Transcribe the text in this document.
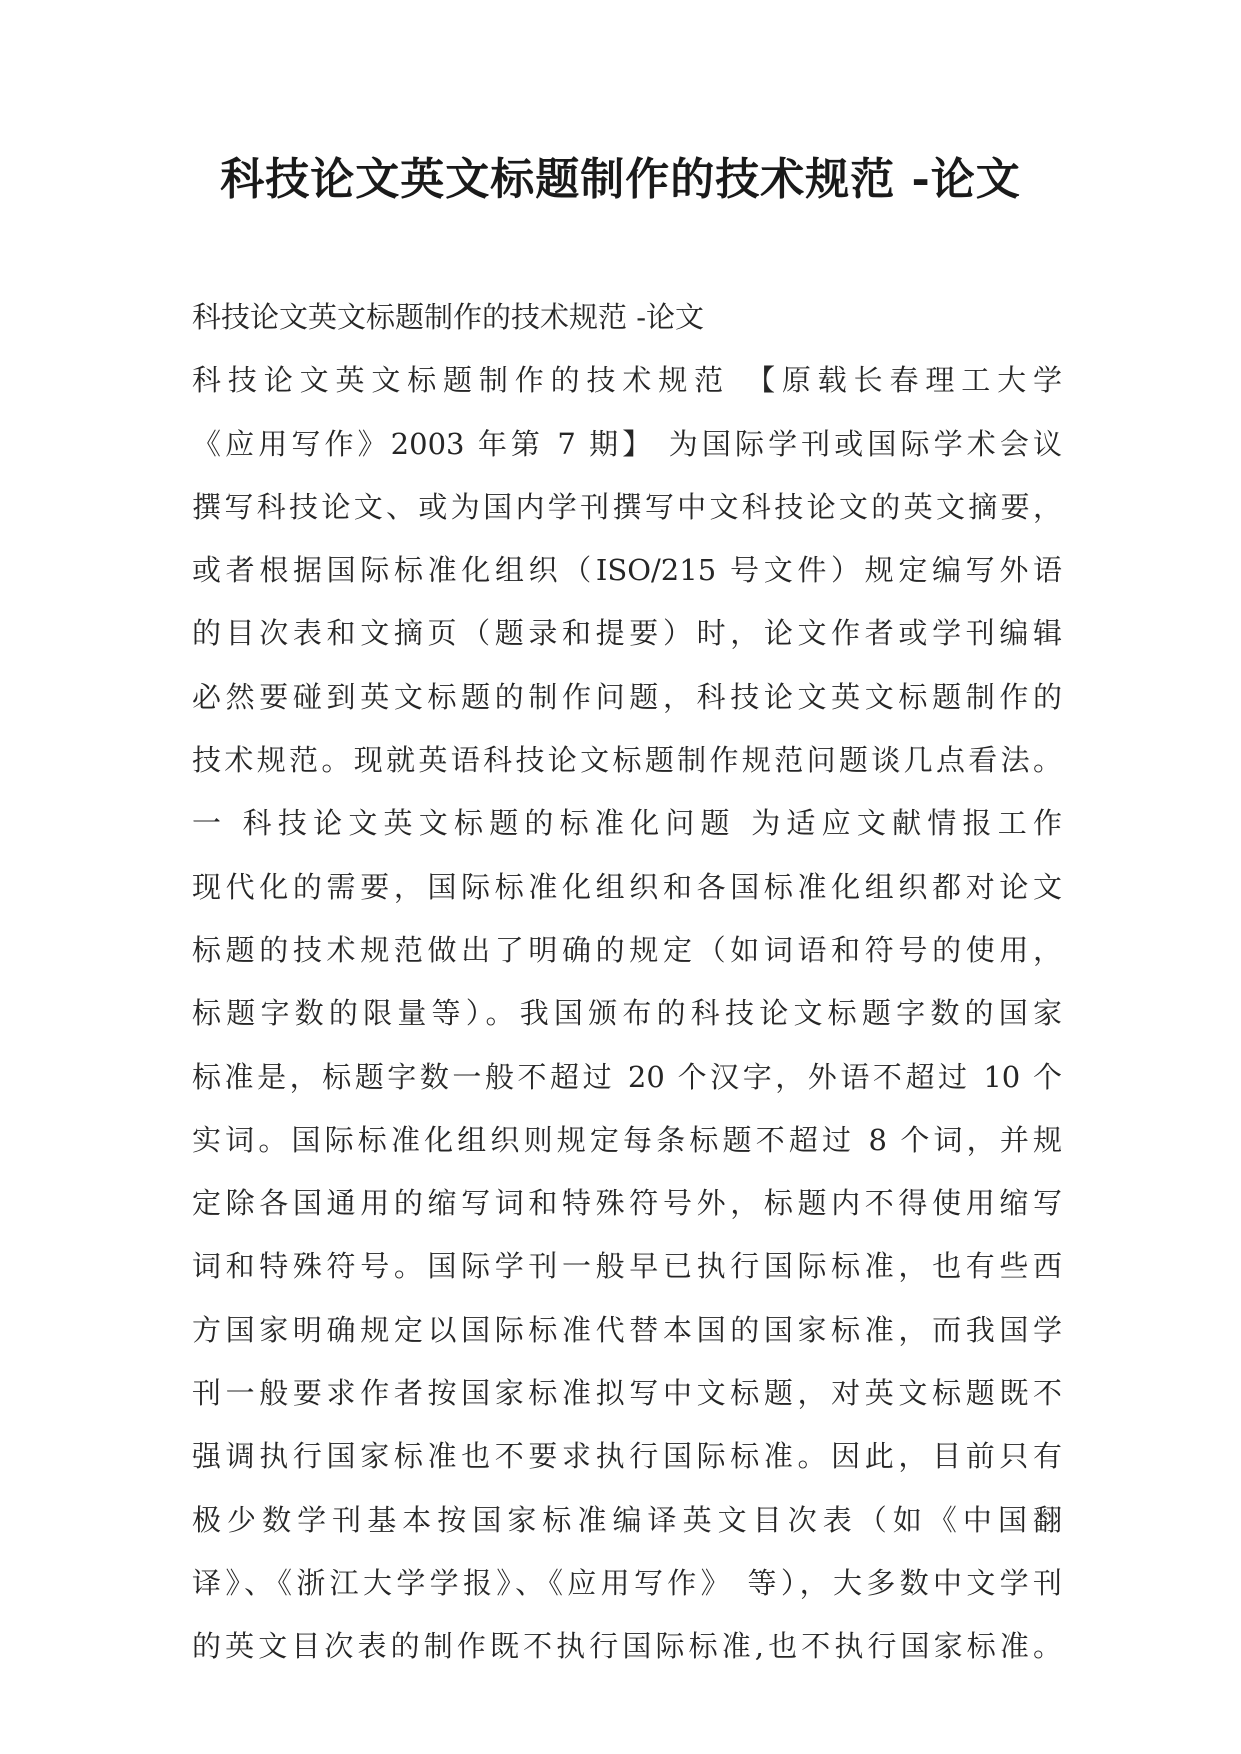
科技论文英文标题制作的技术规范 -论文
科技论文英文标题制作的技术规范 -论文
科技论文英文标题制作的技术规范 【原载长春理工大学
《应用写作》2003 年第 7 期】 为国际学刊或国际学术会议
撰写科技论文、或为国内学刊撰写中文科技论文的英文摘要，
或者根据国际标准化组织（ISO/215 号文件）规定编写外语
的目次表和文摘页（题录和提要）时，论文作者或学刊编辑
必然要碰到英文标题的制作问题，科技论文英文标题制作的
技术规范。现就英语科技论文标题制作规范问题谈几点看法。
一 科技论文英文标题的标准化问题 为适应文献情报工作
现代化的需要，国际标准化组织和各国标准化组织都对论文
标题的技术规范做出了明确的规定（如词语和符号的使用，
标题字数的限量等）。我国颁布的科技论文标题字数的国家
标准是，标题字数一般不超过 20 个汉字，外语不超过 10 个
实词。国际标准化组织则规定每条标题不超过 8 个词，并规
定除各国通用的缩写词和特殊符号外，标题内不得使用缩写
词和特殊符号。国际学刊一般早已执行国际标准，也有些西
方国家明确规定以国际标准代替本国的国家标准，而我国学
刊一般要求作者按国家标准拟写中文标题，对英文标题既不
强调执行国家标准也不要求执行国际标准。因此，目前只有
极少数学刊基本按国家标准编译英文目次表（如《中国翻
译》、《浙江大学学报》、《应用写作》 等），大多数中文学刊
的英文目次表的制作既不执行国际标准,也不执行国家标准。
